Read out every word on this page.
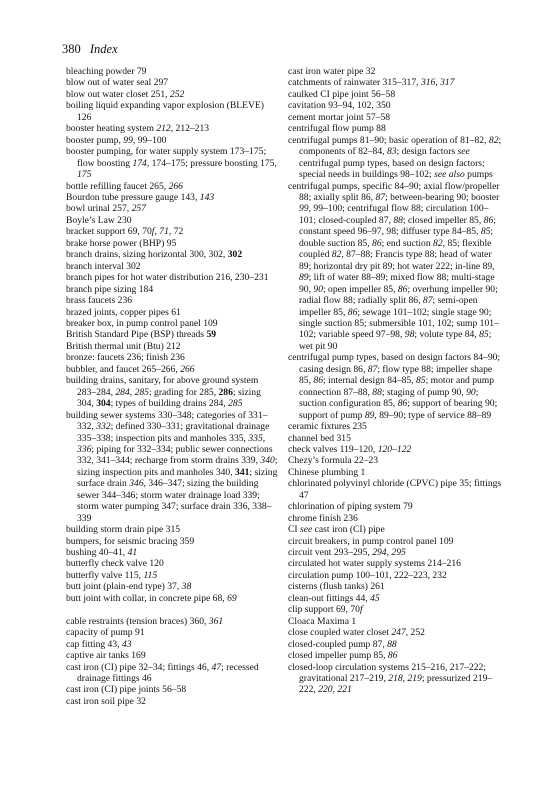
380 Index

bleaching powder 79

blow out of water seal 297

blow out water closet 251, 252

boiling liquid expanding vapor explosion (BLEVE) 126

booster heating system 212, 212–213

booster pump, 99, 99–100

booster pumping, for water supply system 173–175; flow boosting 174, 174–175; pressure boosting 175, 175

bottle refilling faucet 265, 266

Bourdon tube pressure gauge 143, 143

bowl urinal 257, 257

Boyle’s Law 230

bracket support 69, 70f, 71, 72

brake horse power (BHP) 95

branch drains, sizing horizontal 300, 302, 302

branch interval 302

branch pipes for hot water distribution 216, 230–231

branch pipe sizing 184

brass faucets 236

brazed joints, copper pipes 61

breaker box, in pump control panel 109

British Standard Pipe (BSP) threads 59

British thermal unit (Btu) 212

bronze: faucets 236; finish 236

bubbler, and faucet 265–266, 266

building drains, sanitary, for above ground system 283–284, 284, 285; grading for 285, 286; sizing 304, 304; types of building drains 284, 285

building sewer systems 330–348; categories of 331–332, 332; defined 330–331; gravitational drainage 335–338; inspection pits and manholes 335, 335, 336; piping for 332–334; public sewer connections 332, 341–344; recharge from storm drains 339, 340; sizing inspection pits and manholes 340, 341; sizing surface drain 346, 346–347; sizing the building sewer 344–346; storm water drainage load 339; storm water pumping 347; surface drain 336, 338–339

building storm drain pipe 315

bumpers, for seismic bracing 359

bushing 40–41, 41

butterfly check valve 120

butterfly valve 115, 115

butt joint (plain-end type) 37, 38

butt joint with collar, in concrete pipe 68, 69

cable restraints (tension braces) 360, 361

capacity of pump 91

cap fitting 43, 43

captive air tanks 169

cast iron (CI) pipe 32–34; fittings 46, 47; recessed drainage fittings 46

cast iron (CI) pipe joints 56–58

cast iron soil pipe 32

cast iron water pipe 32

catchments of rainwater 315–317, 316, 317

caulked CI pipe joint 56–58

cavitation 93–94, 102, 350

cement mortar joint 57–58

centrifugal flow pump 88

centrifugal pumps 81–90; basic operation of 81–82, 82; components of 82–84, 83; design factors see centrifugal pump types, based on design factors; special needs in buildings 98–102; see also pumps

centrifugal pumps, specific 84–90; axial flow/propeller 88; axially split 86, 87; between-bearing 90; booster 99, 99–100; centrifugal flow 88; circulation 100–101; closed-coupled 87, 88; closed impeller 85, 86; constant speed 96–97, 98; diffuser type 84–85, 85; double suction 85, 86; end suction 82, 85; flexible coupled 82, 87–88; Francis type 88; head of water 89; horizontal dry pit 89; hot water 222; in-line 89, 89; lift of water 88–89; mixed flow 88; multi-stage 90, 90; open impeller 85, 86; overhung impeller 90; radial flow 88; radially split 86, 87; semi-open impeller 85, 86; sewage 101–102; single stage 90; single suction 85; submersible 101, 102; sump 101–102; variable speed 97–98, 98; volute type 84, 85; wet pit 90

centrifugal pump types, based on design factors 84–90; casing design 86, 87; flow type 88; impeller shape 85, 86; internal design 84–85, 85; motor and pump connection 87–88, 88; staging of pump 90, 90; suction configuration 85, 86; support of bearing 90; support of pump 89, 89–90; type of service 88–89

ceramic fixtures 235

channel bed 315

check valves 119–120, 120–122

Chezy’s formula 22–23

Chinese plumbing 1

chlorinated polyvinyl chloride (CPVC) pipe 35; fittings 47

chlorination of piping system 79

chrome finish 236

CI see cast iron (CI) pipe

circuit breakers, in pump control panel 109

circuit vent 293–295, 294, 295

circulated hot water supply systems 214–216

circulation pump 100–101, 222–223, 232

cisterns (flush tanks) 261

clean-out fittings 44, 45

clip support 69, 70f

Cloaca Maxima 1

close coupled water closet 247, 252

closed-coupled pump 87, 88

closed impeller pump 85, 86

closed-loop circulation systems 215–216, 217–222; gravitational 217–219, 218, 219; pressurized 219–222, 220, 221
